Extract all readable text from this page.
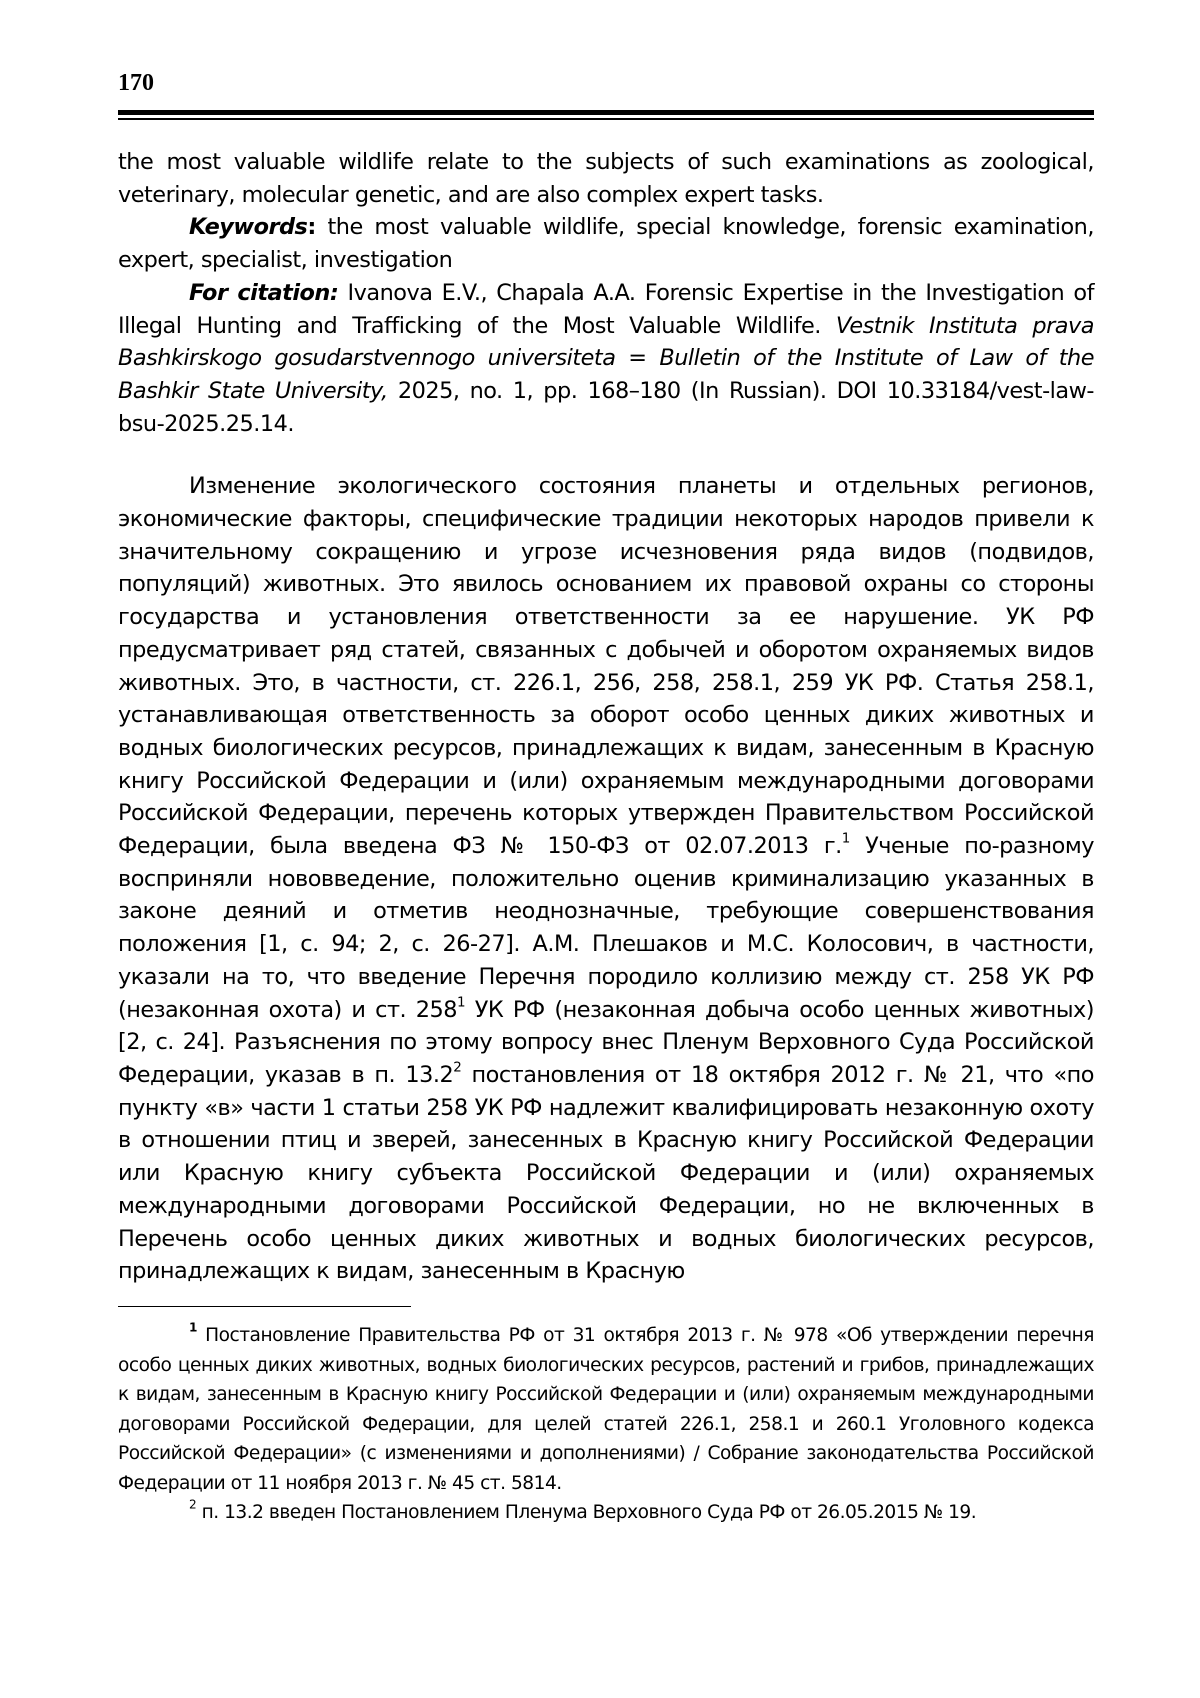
170

the most valuable wildlife relate to the subjects of such examinations as zoological, veterinary, molecular genetic, and are also complex expert tasks.

Keywords: the most valuable wildlife, special knowledge, forensic examination, expert, specialist, investigation

For citation: Ivanova E.V., Chapala A.A. Forensic Expertise in the Investigation of Illegal Hunting and Trafficking of the Most Valuable Wildlife. Vestnik Instituta prava Bashkirskogo gosudarstvennogo universiteta = Bulletin of the Institute of Law of the Bashkir State University, 2025, no. 1, pp. 168–180 (In Russian). DOI 10.33184/vest-law-bsu-2025.25.14.

Изменение экологического состояния планеты и отдельных регионов, экономические факторы, специфические традиции некоторых народов привели к значительному сокращению и угрозе исчезновения ряда видов (подвидов, популяций) животных. Это явилось основанием их правовой охраны со стороны государства и установления ответственности за ее нарушение. УК РФ предусматривает ряд статей, связанных с добычей и оборотом охраняемых видов животных. Это, в частности, ст. 226.1, 256, 258, 258.1, 259 УК РФ. Статья 258.1, устанавливающая ответственность за оборот особо ценных диких животных и водных биологических ресурсов, принадлежащих к видам, занесенным в Красную книгу Российской Федерации и (или) охраняемым международными договорами Российской Федерации, перечень которых утвержден Правительством Российской Федерации, была введена ФЗ № 150-ФЗ от 02.07.2013 г.$^1$ Ученые по-разному восприняли нововведение, положительно оценив криминализацию указанных в законе деяний и отметив неоднозначные, требующие совершенствования положения [1, с. 94; 2, с. 26-27]. А.М. Плешаков и М.С. Колосович, в частности, указали на то, что введение Перечня породило коллизию между ст. 258 УК РФ (незаконная охота) и ст. $258^1$ УК РФ (незаконная добыча особо ценных животных) [2, с. 24]. Разъяснения по этому вопросу внес Пленум Верховного Суда Российской Федерации, указав в п. 13.2$^2$ постановления от 18 октября 2012 г. № 21, что «по пункту «в» части 1 статьи 258 УК РФ надлежит квалифицировать незаконную охоту в отношении птиц и зверей, занесенных в Красную книгу Российской Федерации или Красную книгу субъекта Российской Федерации и (или) охраняемых международными договорами Российской Федерации, но не включенных в Перечень особо ценных диких животных и водных биологических ресурсов, принадлежащих к видам, занесенным в Красную

$^1$ Постановление Правительства РФ от 31 октября 2013 г. № 978 «Об утверждении перечня особо ценных диких животных, водных биологических ресурсов, растений и грибов, принадлежащих к видам, занесенным в Красную книгу Российской Федерации и (или) охраняемым международными договорами Российской Федерации, для целей статей 226.1, 258.1 и 260.1 Уголовного кодекса Российской Федерации» (с изменениями и дополнениями) / Собрание законодательства Российской Федерации от 11 ноября 2013 г. № 45 ст. 5814.

$^2$ п. 13.2 введен Постановлением Пленума Верховного Суда РФ от 26.05.2015 № 19.
